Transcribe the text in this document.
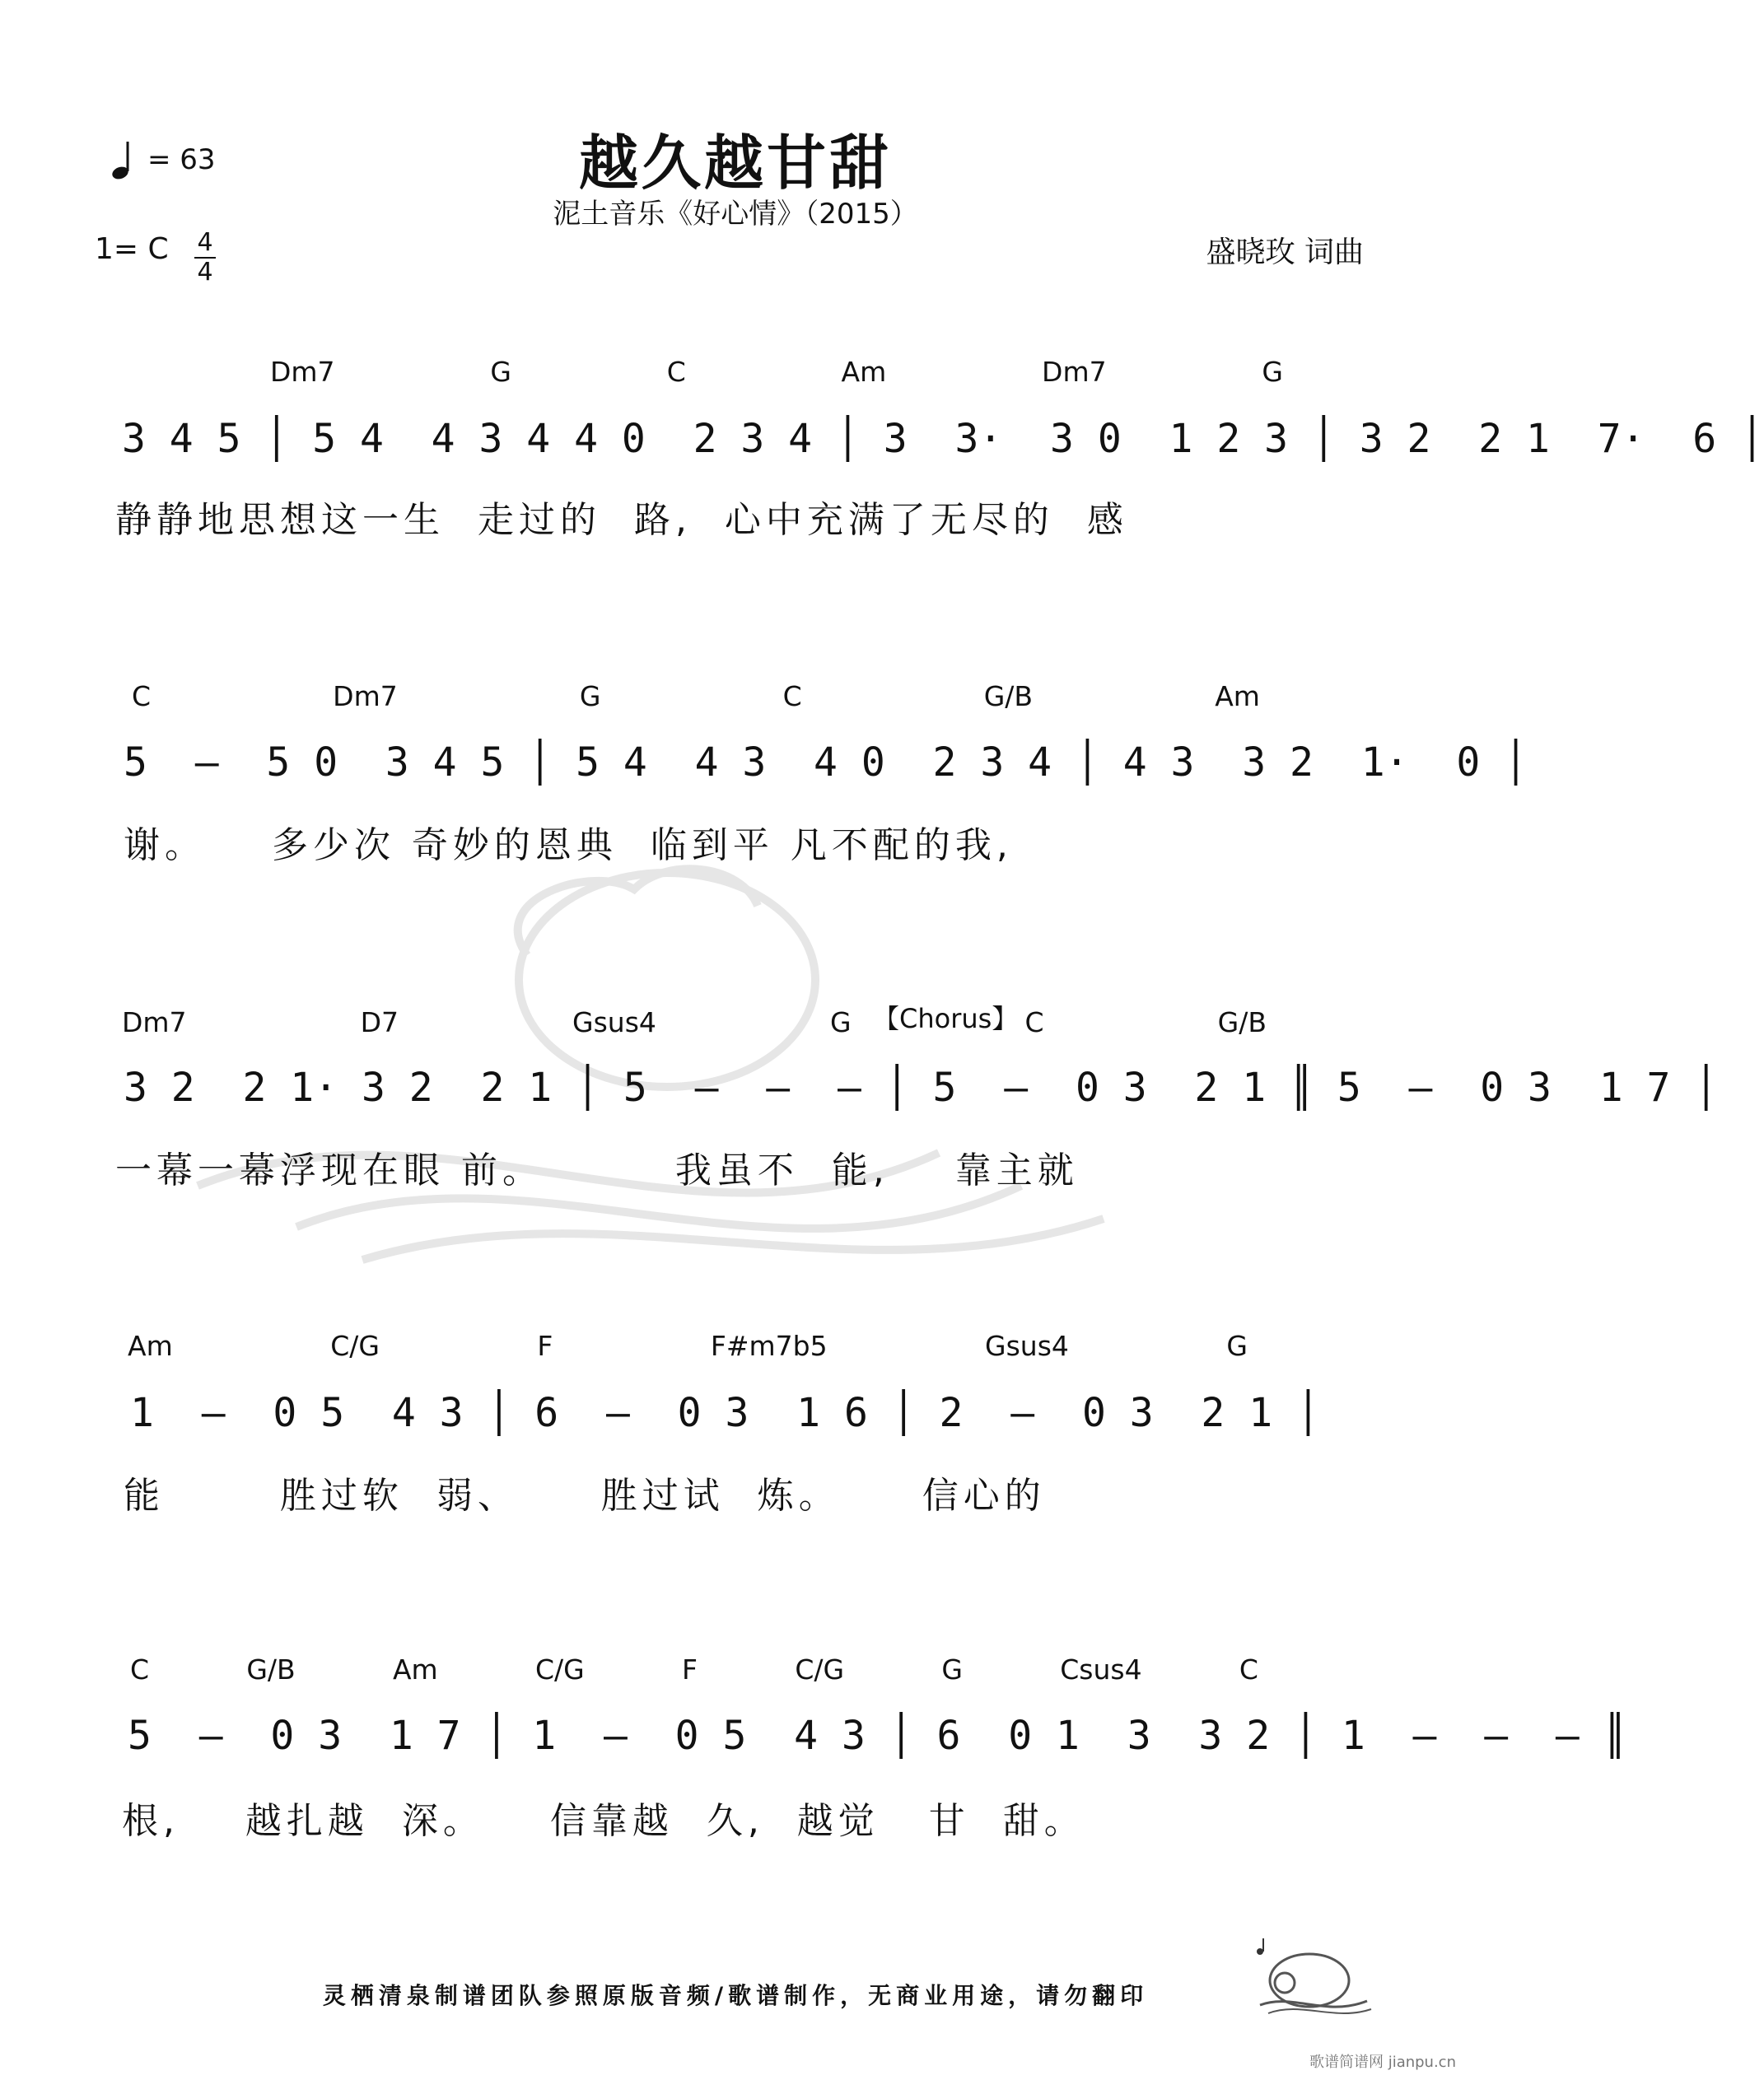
越久越甘甜
泥土音乐《好心情》（2015）
盛晓玫 词曲
= 63
1= C 4
4
Dm7	G	C	Am	Dm7	G
3 4 5 │ 5 4  4 3 4 4 0  2 3 4 │ 3  3·  3 0  1 2 3 │ 3 2  2 1  7·  6 │
静静地思想这一生  走过的  路,  心中充满了无尽的  感
C	Dm7	G	C	G/B	Am
5  –  5 0  3 4 5 │ 5 4  4 3  4 0  2 3 4 │ 4 3  3 2  1·  0 │
谢。    多少次 奇妙的恩典  临到平 凡不配的我,
Dm7	D7	Gsus4	G	C	G/B
【Chorus】
3 2  2 1· 3 2  2 1 │ 5  –  –  – │ 5  –  0 3  2 1 ║ 5  –  0 3  1 7 │
一幕一幕浮现在眼 前。        我虽不  能,    靠主就
Am	C/G	F	F#m7b5	Gsus4	G
1  –  0 5  4 3 │ 6  –  0 3  1 6 │ 2  –  0 3  2 1 │
能       胜过软  弱、     胜过试  炼。     信心的
C	G/B	Am	C/G	F	C/G	G	Csus4	C
5  –  0 3  1 7 │ 1  –  0 5  4 3 │ 6  0 1  3  3 2 │ 1  –  –  – ║
根,    越扎越  深。    信靠越  久,  越觉   甘  甜。
灵栖清泉制谱团队参照原版音频/歌谱制作，无商业用途，请勿翻印
歌谱简谱网 jianpu.cn
